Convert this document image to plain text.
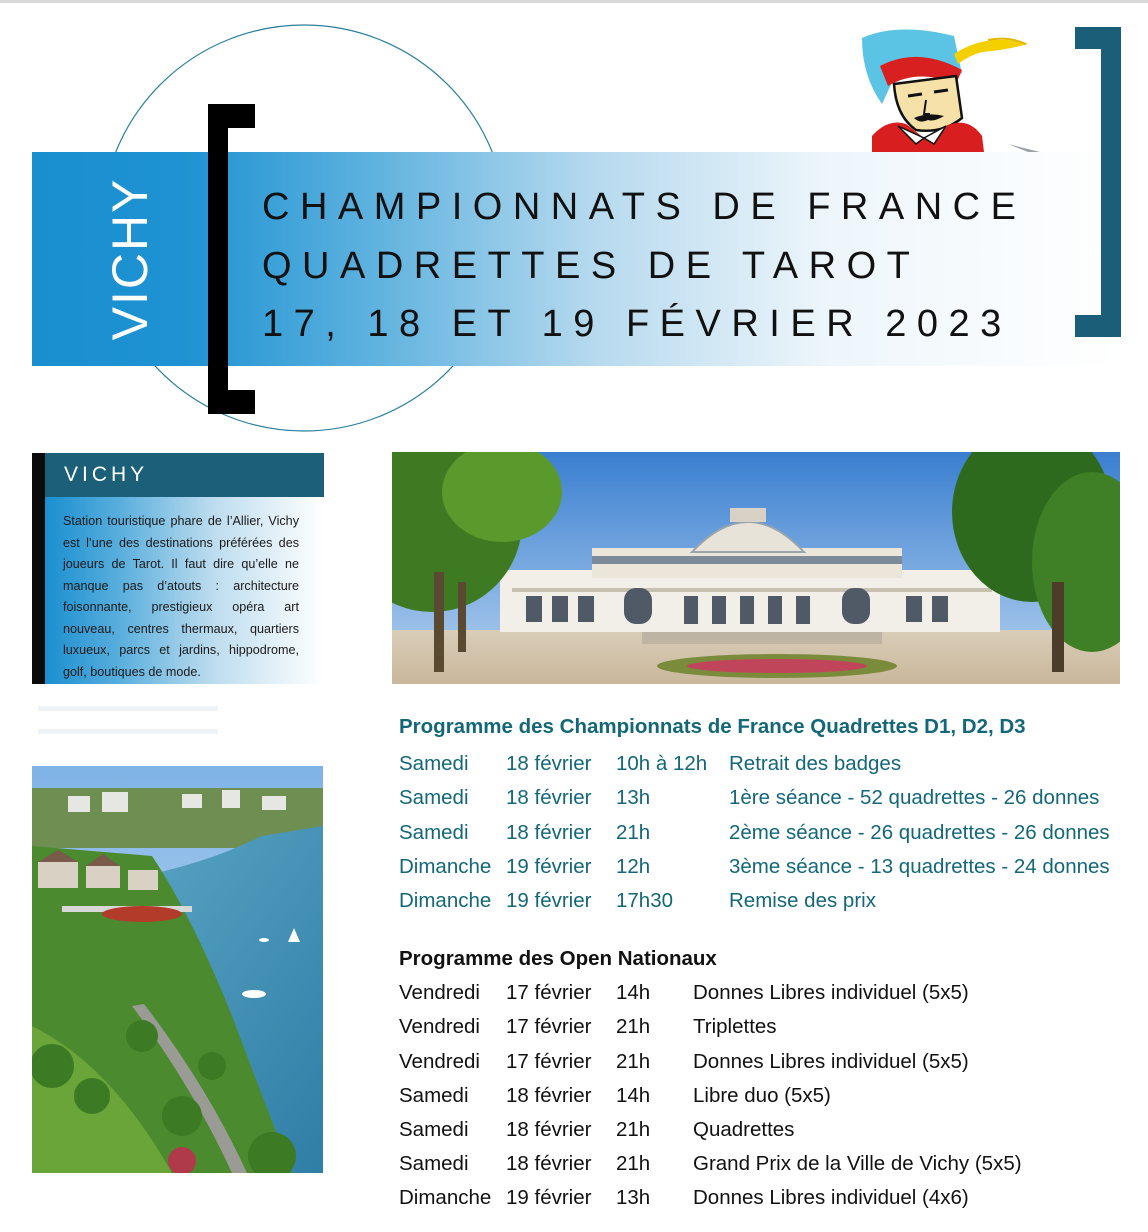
VICHY	CHAMPIONNATS DE FRANCE
QUADRETTES DE TAROT
17, 18 ET 19 FÉVRIER 2023
VICHY
Station touristique phare de l’Allier, Vichy est l’une des destinations préférées des joueurs de Tarot. Il faut dire qu’elle ne manque pas d’atouts : architecture foisonnante, prestigieux opéra art nouveau, centres thermaux, quartiers luxueux, parcs et jardins, hippodrome, golf, boutiques de mode.
Programme des Championnats de France Quadrettes D1, D2, D3
Samedi 18 février 10h à 12h Retrait des badges
Samedi 18 février 13h	1ère séance - 52 quadrettes - 26 donnes
Samedi 18 février 21h	2ème séance - 26 quadrettes - 26 donnes
Dimanche 19 février 12h	3ème séance - 13 quadrettes - 24 donnes
Dimanche 19 février 17h30	Remise des prix
Programme des Open Nationaux
Vendredi 17 février 14h Donnes Libres individuel (5x5)
Vendredi 17 février 21h Triplettes
Vendredi 17 février 21h Donnes Libres individuel (5x5)
Samedi 18 février 14h Libre duo (5x5)
Samedi 18 février 21h Quadrettes
Samedi 18 février 21h Grand Prix de la Ville de Vichy (5x5)
Dimanche 19 février 13h Donnes Libres individuel (4x6)
